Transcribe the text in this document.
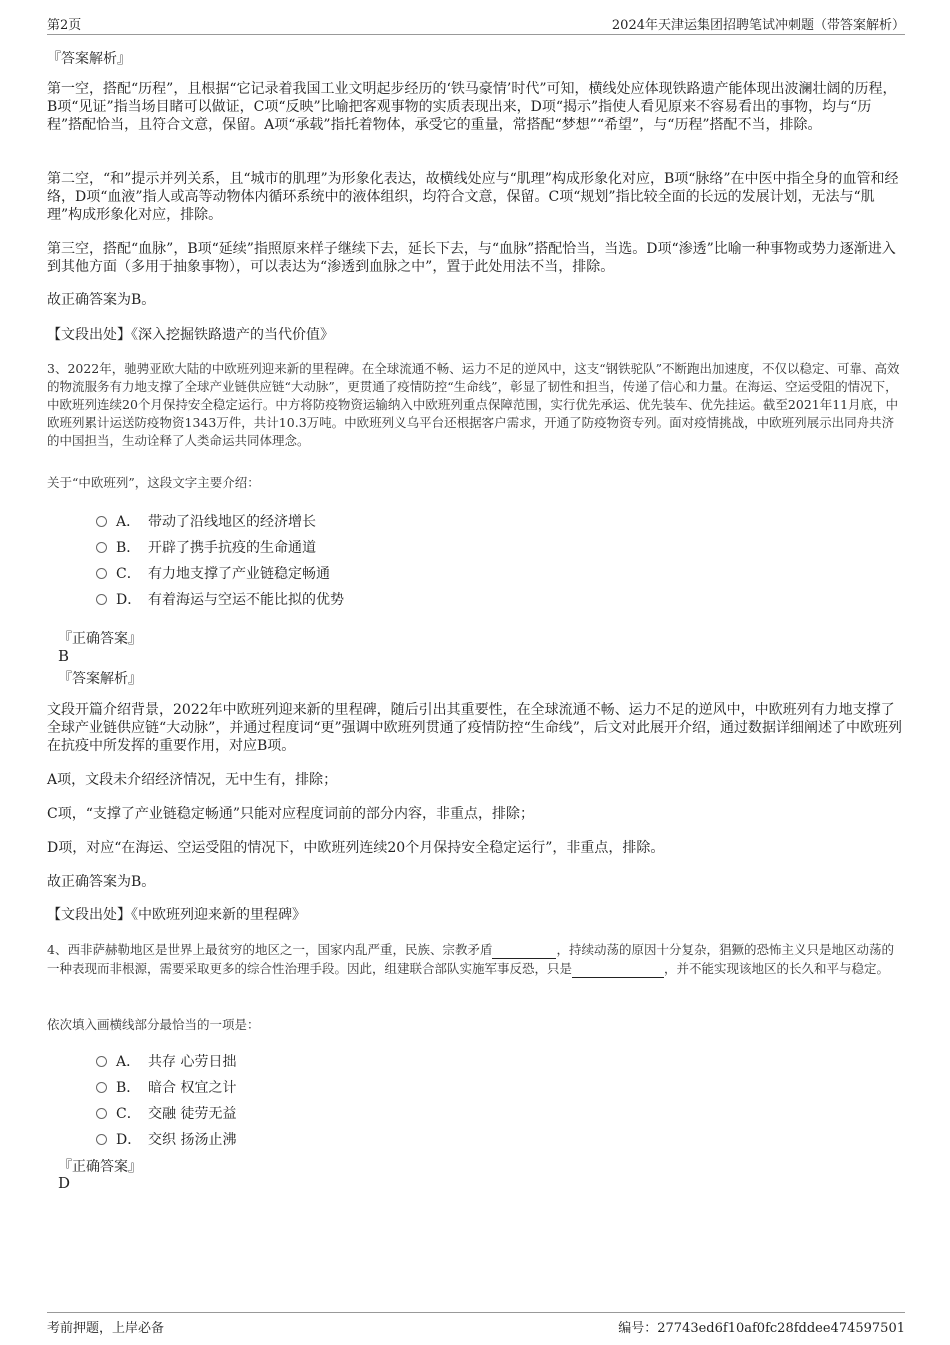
第2页	2024年天津运集团招聘笔试冲刺题（带答案解析）
『答案解析』

第一空，搭配“历程”，且根据“它记录着我国工业文明起步经历的‘铁马豪情’时代”可知，横线处应体现铁路遗产能体现出波澜壮阔的历程，B项“见证”指当场目睹可以做证，C项“反映”比喻把客观事物的实质表现出来，D项“揭示”指使人看见原来不容易看出的事物，均与“历程”搭配恰当，且符合文意，保留。A项“承载”指托着物体，承受它的重量，常搭配“梦想”“希望”，与“历程”搭配不当，排除。

第二空，“和”提示并列关系，且“城市的肌理”为形象化表达，故横线处应与“肌理”构成形象化对应，B项“脉络”在中医中指全身的血管和经络，D项“血液”指人或高等动物体内循环系统中的液体组织，均符合文意，保留。C项“规划”指比较全面的长远的发展计划，无法与“肌理”构成形象化对应，排除。

第三空，搭配“血脉”，B项“延续”指照原来样子继续下去，延长下去，与“血脉”搭配恰当，当选。D项“渗透”比喻一种事物或势力逐渐进入到其他方面（多用于抽象事物），可以表达为“渗透到血脉之中”，置于此处用法不当，排除。

故正确答案为B。

【文段出处】《深入挖掘铁路遗产的当代价值》

3、2022年，驰骋亚欧大陆的中欧班列迎来新的里程碑。在全球流通不畅、运力不足的逆风中，这支“钢铁驼队”不断跑出加速度，不仅以稳定、可靠、高效的物流服务有力地支撑了全球产业链供应链“大动脉”，更贯通了疫情防控“生命线”，彰显了韧性和担当，传递了信心和力量。在海运、空运受阻的情况下，中欧班列连续20个月保持安全稳定运行。中方将防疫物资运输纳入中欧班列重点保障范围，实行优先承运、优先装车、优先挂运。截至2021年11月底，中欧班列累计运送防疫物资1343万件，共计10.3万吨。中欧班列义乌平台还根据客户需求，开通了防疫物资专列。面对疫情挑战，中欧班列展示出同舟共济的中国担当，生动诠释了人类命运共同体理念。

关于“中欧班列”，这段文字主要介绍：

A． 带动了沿线地区的经济增长
B． 开辟了携手抗疫的生命通道
C． 有力地支撑了产业链稳定畅通
D． 有着海运与空运不能比拟的优势
『正确答案』
B
『答案解析』

文段开篇介绍背景，2022年中欧班列迎来新的里程碑，随后引出其重要性，在全球流通不畅、运力不足的逆风中，中欧班列有力地支撑了全球产业链供应链“大动脉”，并通过程度词“更”强调中欧班列贯通了疫情防控“生命线”，后文对此展开介绍，通过数据详细阐述了中欧班列在抗疫中所发挥的重要作用，对应B项。

A项，文段未介绍经济情况，无中生有，排除；

C项，“支撑了产业链稳定畅通”只能对应程度词前的部分内容，非重点，排除；

D项，对应“在海运、空运受阻的情况下，中欧班列连续20个月保持安全稳定运行”，非重点，排除。

故正确答案为B。

【文段出处】《中欧班列迎来新的里程碑》

4、西非萨赫勒地区是世界上最贫穷的地区之一，国家内乱严重，民族、宗教矛盾	，持续动荡的原因十分复杂，猖獗的恐怖主义只是地区动荡的一种表现而非根源，需要采取更多的综合性治理手段。因此，组建联合部队实施军事反恐，只是	，并不能实现该地区的长久和平与稳定。

依次填入画横线部分最恰当的一项是：

A． 共存 心劳日拙
B． 暗合 权宜之计
C． 交融 徒劳无益
D． 交织 扬汤止沸
『正确答案』
D
考前押题，上岸必备	编号：27743ed6f10af0fc28fddee474597501
